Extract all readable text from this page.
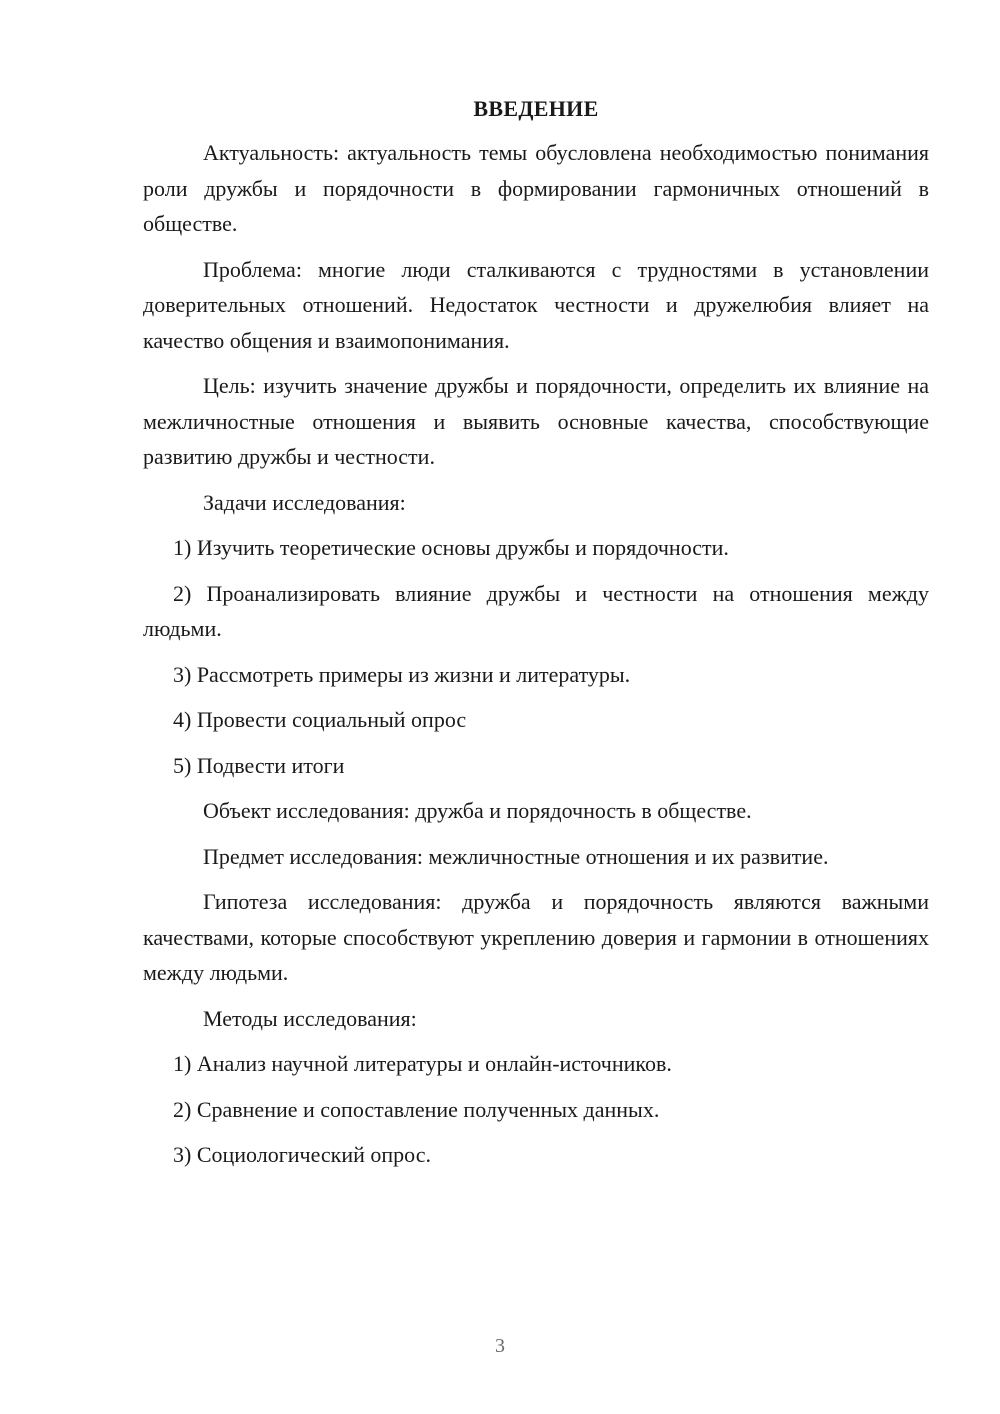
ВВЕДЕНИЕ

Актуальность: актуальность темы обусловлена необходимостью понимания роли дружбы и порядочности в формировании гармоничных отношений в обществе.

Проблема: многие люди сталкиваются с трудностями в установлении доверительных отношений. Недостаток честности и дружелюбия влияет на качество общения и взаимопонимания.

Цель: изучить значение дружбы и порядочности, определить их влияние на межличностные отношения и выявить основные качества, способствующие развитию дружбы и честности.

Задачи исследования:

1) Изучить теоретические основы дружбы и порядочности.

2) Проанализировать влияние дружбы и честности на отношения между людьми.

3) Рассмотреть примеры из жизни и литературы.

4) Провести социальный опрос

5) Подвести итоги

Объект исследования: дружба и порядочность в обществе.

Предмет исследования: межличностные отношения и их развитие.

Гипотеза исследования: дружба и порядочность являются важными качествами, которые способствуют укреплению доверия и гармонии в отношениях между людьми.

Методы исследования:

1) Анализ научной литературы и онлайн-источников.

2) Сравнение и сопоставление полученных данных.

3) Социологический опрос.

3
